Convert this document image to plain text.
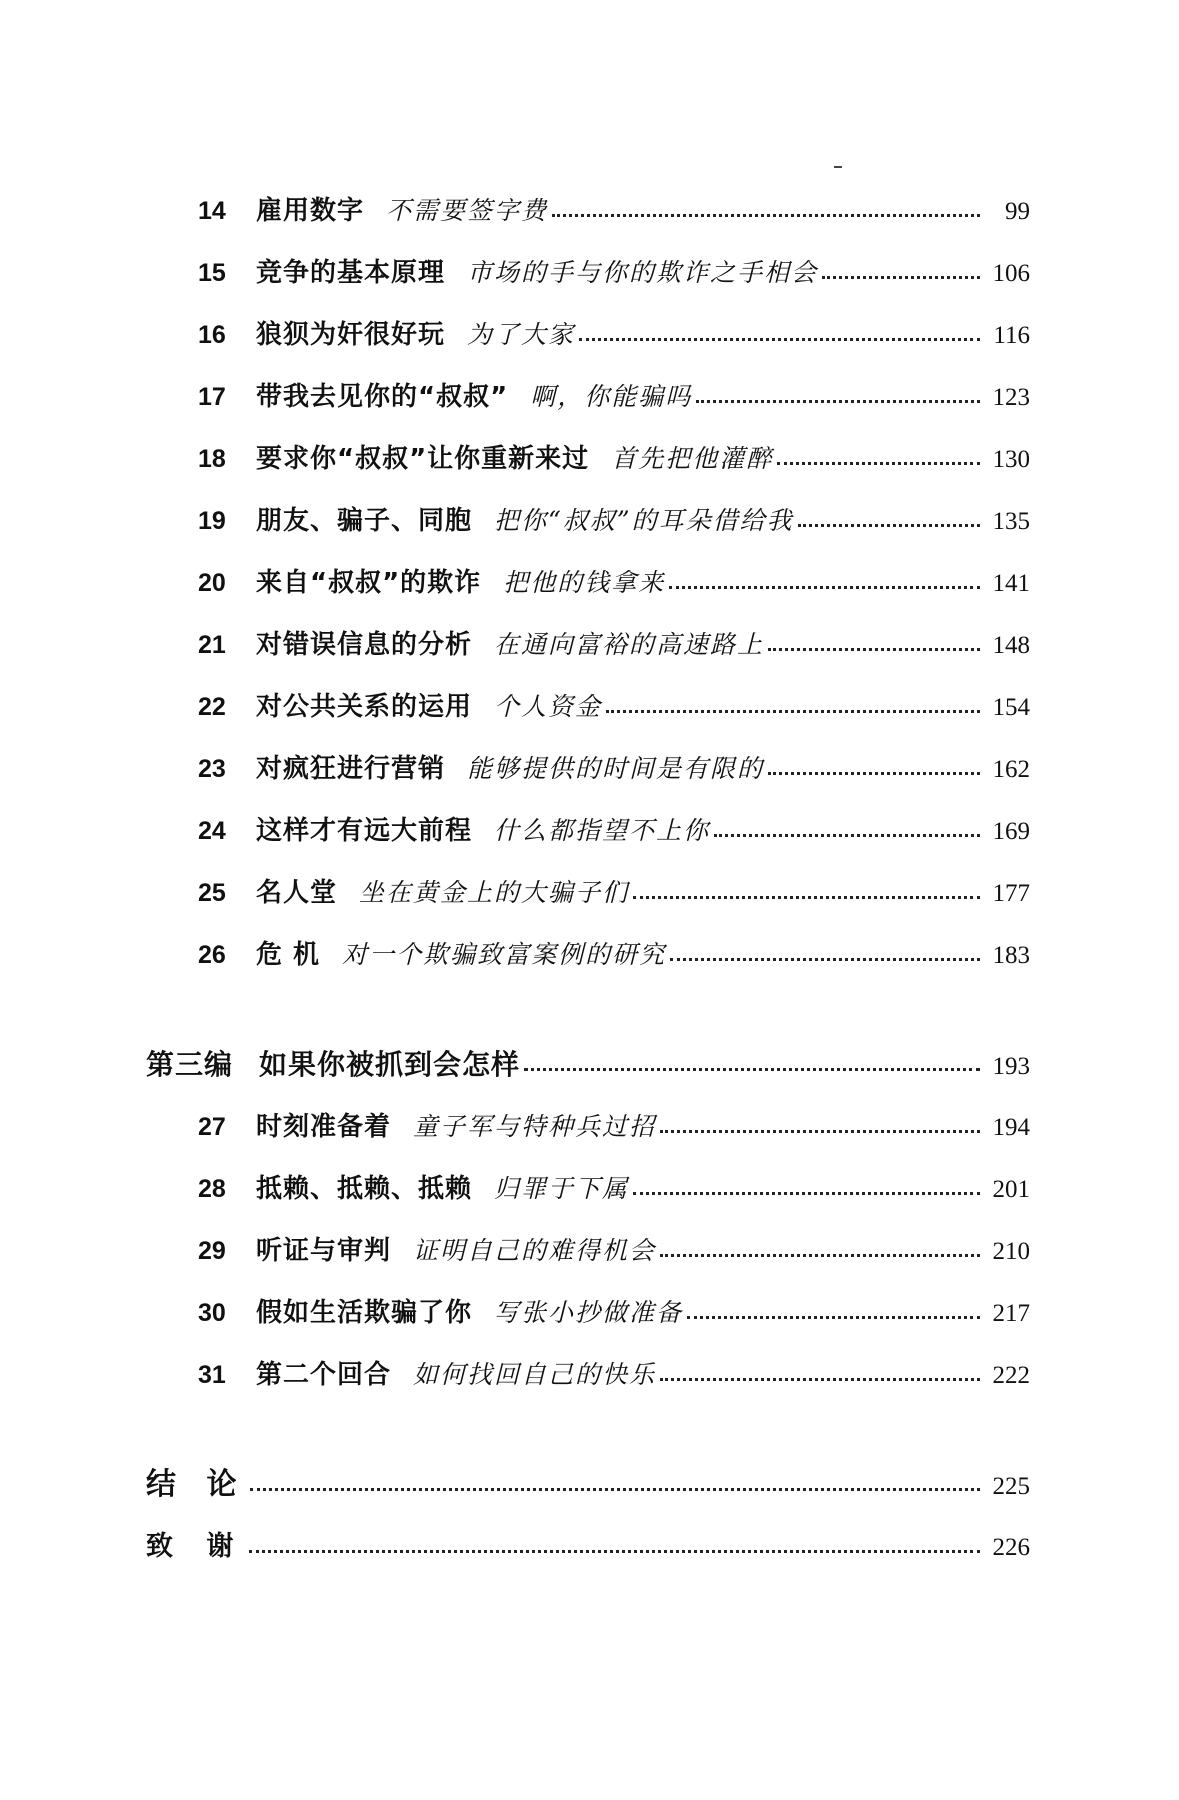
14	雇用数字 不需要签字费	99
15	竞争的基本原理 市场的手与你的欺诈之手相会	106
16	狼狈为奸很好玩 为了大家	116
17	带我去见你的“叔叔” 啊，你能骗吗	123
18	要求你“叔叔”让你重新来过 首先把他灌醉	130
19	朋友、骗子、同胞 把你“叔叔”的耳朵借给我	135
20	来自“叔叔”的欺诈 把他的钱拿来	141
21	对错误信息的分析 在通向富裕的高速路上	148
22	对公共关系的运用 个人资金	154
23	对疯狂进行营销 能够提供的时间是有限的	162
24	这样才有远大前程 什么都指望不上你	169
25	名人堂 坐在黄金上的大骗子们	177
26	危 机 对一个欺骗致富案例的研究	183
第三编 如果你被抓到会怎样	193
27	时刻准备着 童子军与特种兵过招	194
28	抵赖、抵赖、抵赖 归罪于下属	201
29	听证与审判 证明自己的难得机会	210
30	假如生活欺骗了你 写张小抄做准备	217
31	第二个回合 如何找回自己的快乐	222
结 论	225
致 谢	226
